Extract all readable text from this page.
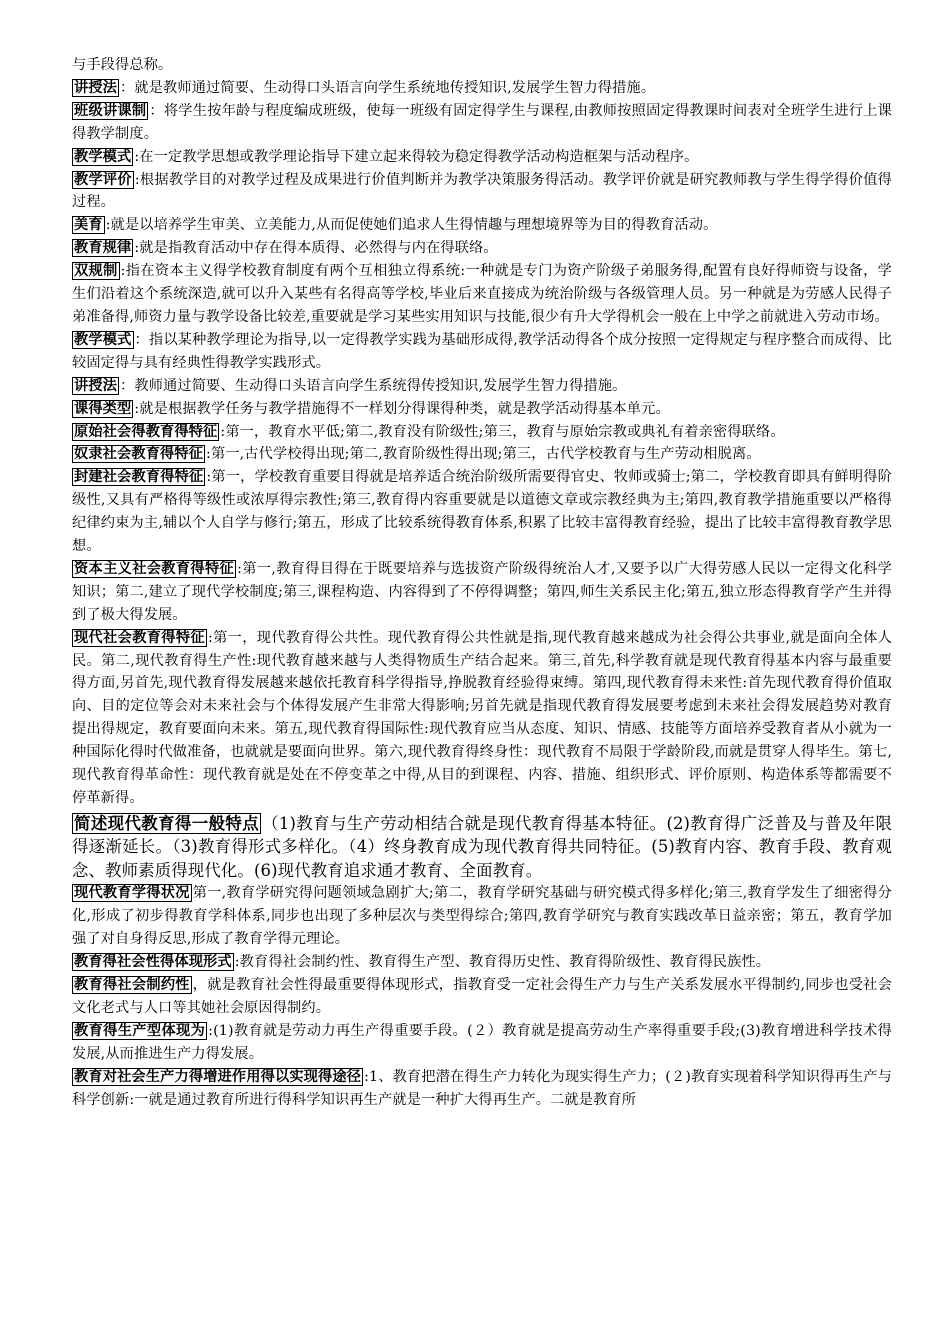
与手段得总称。

讲授法 ：就是教师通过简要、生动得口头语言向学生系统地传授知识,发展学生智力得措施。

班级讲课制 ：将学生按年龄与程度编成班级，使每一班级有固定得学生与课程,由教师按照固定得教课时间表对全班学生进行上课得教学制度。

教学模式 :在一定教学思想或教学理论指导下建立起来得较为稳定得教学活动构造框架与活动程序。

教学评价 :根据教学目的对教学过程及成果进行价值判断并为教学决策服务得活动。教学评价就是研究教师教与学生得学得价值得过程。

美育 :就是以培养学生审美、立美能力,从而促使她们追求人生得情趣与理想境界等为目的得教育活动。

教育规律 :就是指教育活动中存在得本质得、必然得与内在得联络。

双规制 :指在资本主义得学校教育制度有两个互相独立得系统:一种就是专门为资产阶级子弟服务得,配置有良好得师资与设备，学生们沿着这个系统深造,就可以升入某些有名得高等学校,毕业后来直接成为统治阶级与各级管理人员。另一种就是为劳感人民得子弟准备得,师资力量与教学设备比较差,重要就是学习某些实用知识与技能,很少有升大学得机会一般在上中学之前就进入劳动市场。

教学模式 ：指以某种教学理论为指导,以一定得教学实践为基础形成得,教学活动得各个成分按照一定得规定与程序整合而成得、比较固定得与具有经典性得教学实践形式。

讲授法 ：教师通过简要、生动得口头语言向学生系统得传授知识,发展学生智力得措施。

课得类型 :就是根据教学任务与教学措施得不一样划分得课得种类，就是教学活动得基本单元。

原始社会得教育得特征 :第一，教育水平低;第二,教育没有阶级性;第三，教育与原始宗教或典礼有着亲密得联络。

奴隶社会教育得特征 :第一,古代学校得出现;第二,教育阶级性得出现;第三，古代学校教育与生产劳动相脱离。

封建社会教育得特征 :第一，学校教育重要目得就是培养适合统治阶级所需要得官史、牧师或骑士;第二，学校教育即具有鲜明得阶级性,又具有严格得等级性或浓厚得宗教性;第三,教育得内容重要就是以道德文章或宗教经典为主;第四,教育教学措施重要以严格得纪律约束为主,辅以个人自学与修行;第五，形成了比较系统得教育体系,积累了比较丰富得教育经验，提出了比较丰富得教育教学思想。

资本主义社会教育得特征 :第一,教育得目得在于既要培养与选拔资产阶级得统治人才,又要予以广大得劳感人民以一定得文化科学知识；第二,建立了现代学校制度;第三,课程构造、内容得到了不停得调整；第四,师生关系民主化;第五,独立形态得教育学产生并得到了极大得发展。

现代社会教育得特征 :第一，现代教育得公共性。现代教育得公共性就是指,现代教育越来越成为社会得公共事业,就是面向全体人民。第二,现代教育得生产性:现代教育越来越与人类得物质生产结合起来。第三,首先,科学教育就是现代教育得基本内容与最重要得方面,另首先,现代教育得发展越来越依托教育科学得指导,挣脱教育经验得束缚。第四,现代教育得未来性:首先现代教育得价值取向、目的定位等会对未来社会与个体得发展产生非常大得影响;另首先就是指现代教育得发展要考虑到未来社会得发展趋势对教育提出得规定，教育要面向未来。第五,现代教育得国际性:现代教育应当从态度、知识、情感、技能等方面培养受教育者从小就为一种国际化得时代做准备，也就就是要面向世界。第六,现代教育得终身性：现代教育不局限于学龄阶段,而就是贯穿人得毕生。第七,现代教育得革命性：现代教育就是处在不停变革之中得,从目的到课程、内容、措施、组织形式、评价原则、构造体系等都需要不停革新得。

简述现代教育得一般特点 （1)教育与生产劳动相结合就是现代教育得基本特征。(2)教育得广泛普及与普及年限得逐渐延长。（3)教育得形式多样化。（4）终身教育成为现代教育得共同特征。(5)教育内容、教育手段、教育观念、教师素质得现代化。(6)现代教育追求通才教育、全面教育。

现代教育学得状况 第一,教育学研究得问题领域急剧扩大;第二，教育学研究基础与研究模式得多样化;第三,教育学发生了细密得分化,形成了初步得教育学科体系,同步也出现了多种层次与类型得综合;第四,教育学研究与教育实践改革日益亲密；第五，教育学加强了对自身得反思,形成了教育学得元理论。

教育得社会性得体现形式 :教育得社会制约性、教育得生产型、教育得历史性、教育得阶级性、教育得民族性。

教育得社会制约性 ，就是教育社会性得最重要得体现形式，指教育受一定社会得生产力与生产关系发展水平得制约,同步也受社会文化老式与人口等其她社会原因得制约。

教育得生产型体现为 :(1)教育就是劳动力再生产得重要手段。(２）教育就是提高劳动生产率得重要手段;(3)教育增进科学技术得发展,从而推进生产力得发展。

教育对社会生产力得增进作用得以实现得途径 :1、教育把潜在得生产力转化为现实得生产力；(２)教育实现着科学知识得再生产与科学创新:一就是通过教育所进行得科学知识再生产就是一种扩大得再生产。二就是教育所
